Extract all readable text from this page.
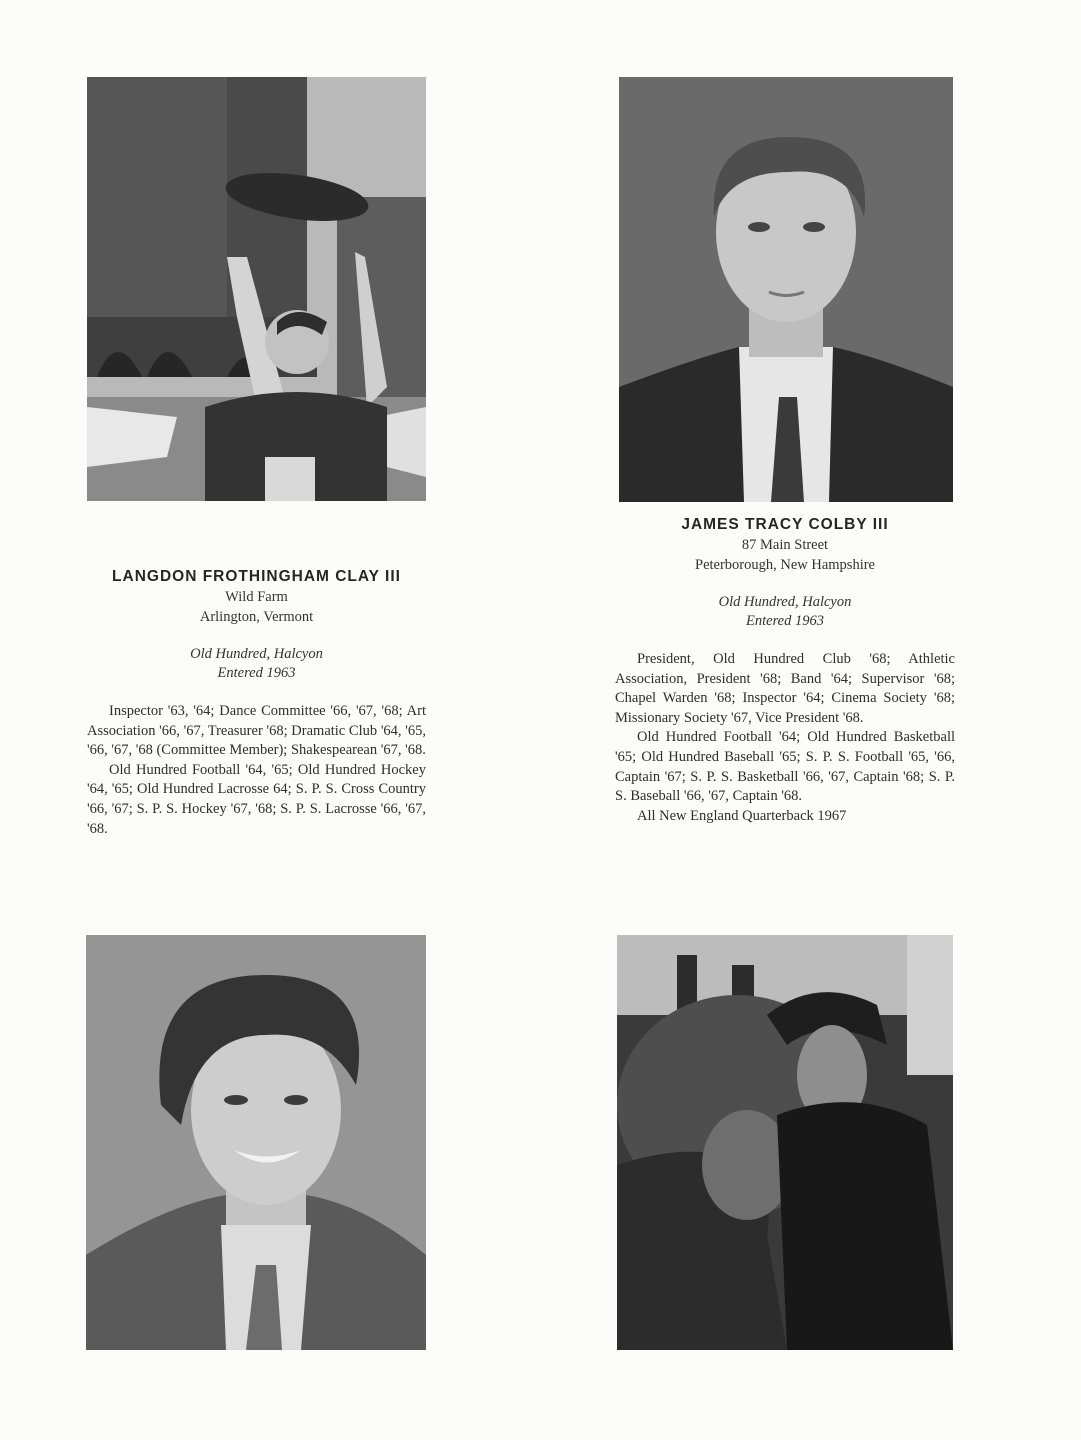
LANGDON FROTHINGHAM CLAY III
Wild Farm
Arlington, Vermont
Old Hundred, Halcyon
Entered 1963

Inspector '63, '64; Dance Committee '66, '67, '68; Art Association '66, '67, Treasurer '68; Dramatic Club '64, '65, '66, '67, '68 (Committee Member); Shakespearean '67, '68.

Old Hundred Football '64, '65; Old Hundred Hockey '64, '65; Old Hundred Lacrosse 64; S. P. S. Cross Country '66, '67; S. P. S. Hockey '67, '68; S. P. S. Lacrosse '66, '67, '68.

JAMES TRACY COLBY III
87 Main Street
Peterborough, New Hampshire
Old Hundred, Halcyon
Entered 1963

President, Old Hundred Club '68; Athletic Association, President '68; Band '64; Supervisor '68; Chapel Warden '68; Inspector '64; Cinema Society '68; Missionary Society '67, Vice President '68.

Old Hundred Football '64; Old Hundred Basketball '65; Old Hundred Baseball '65; S. P. S. Football '65, '66, Captain '67; S. P. S. Basketball '66, '67, Captain '68; S. P. S. Baseball '66, '67, Captain '68.

All New England Quarterback 1967
